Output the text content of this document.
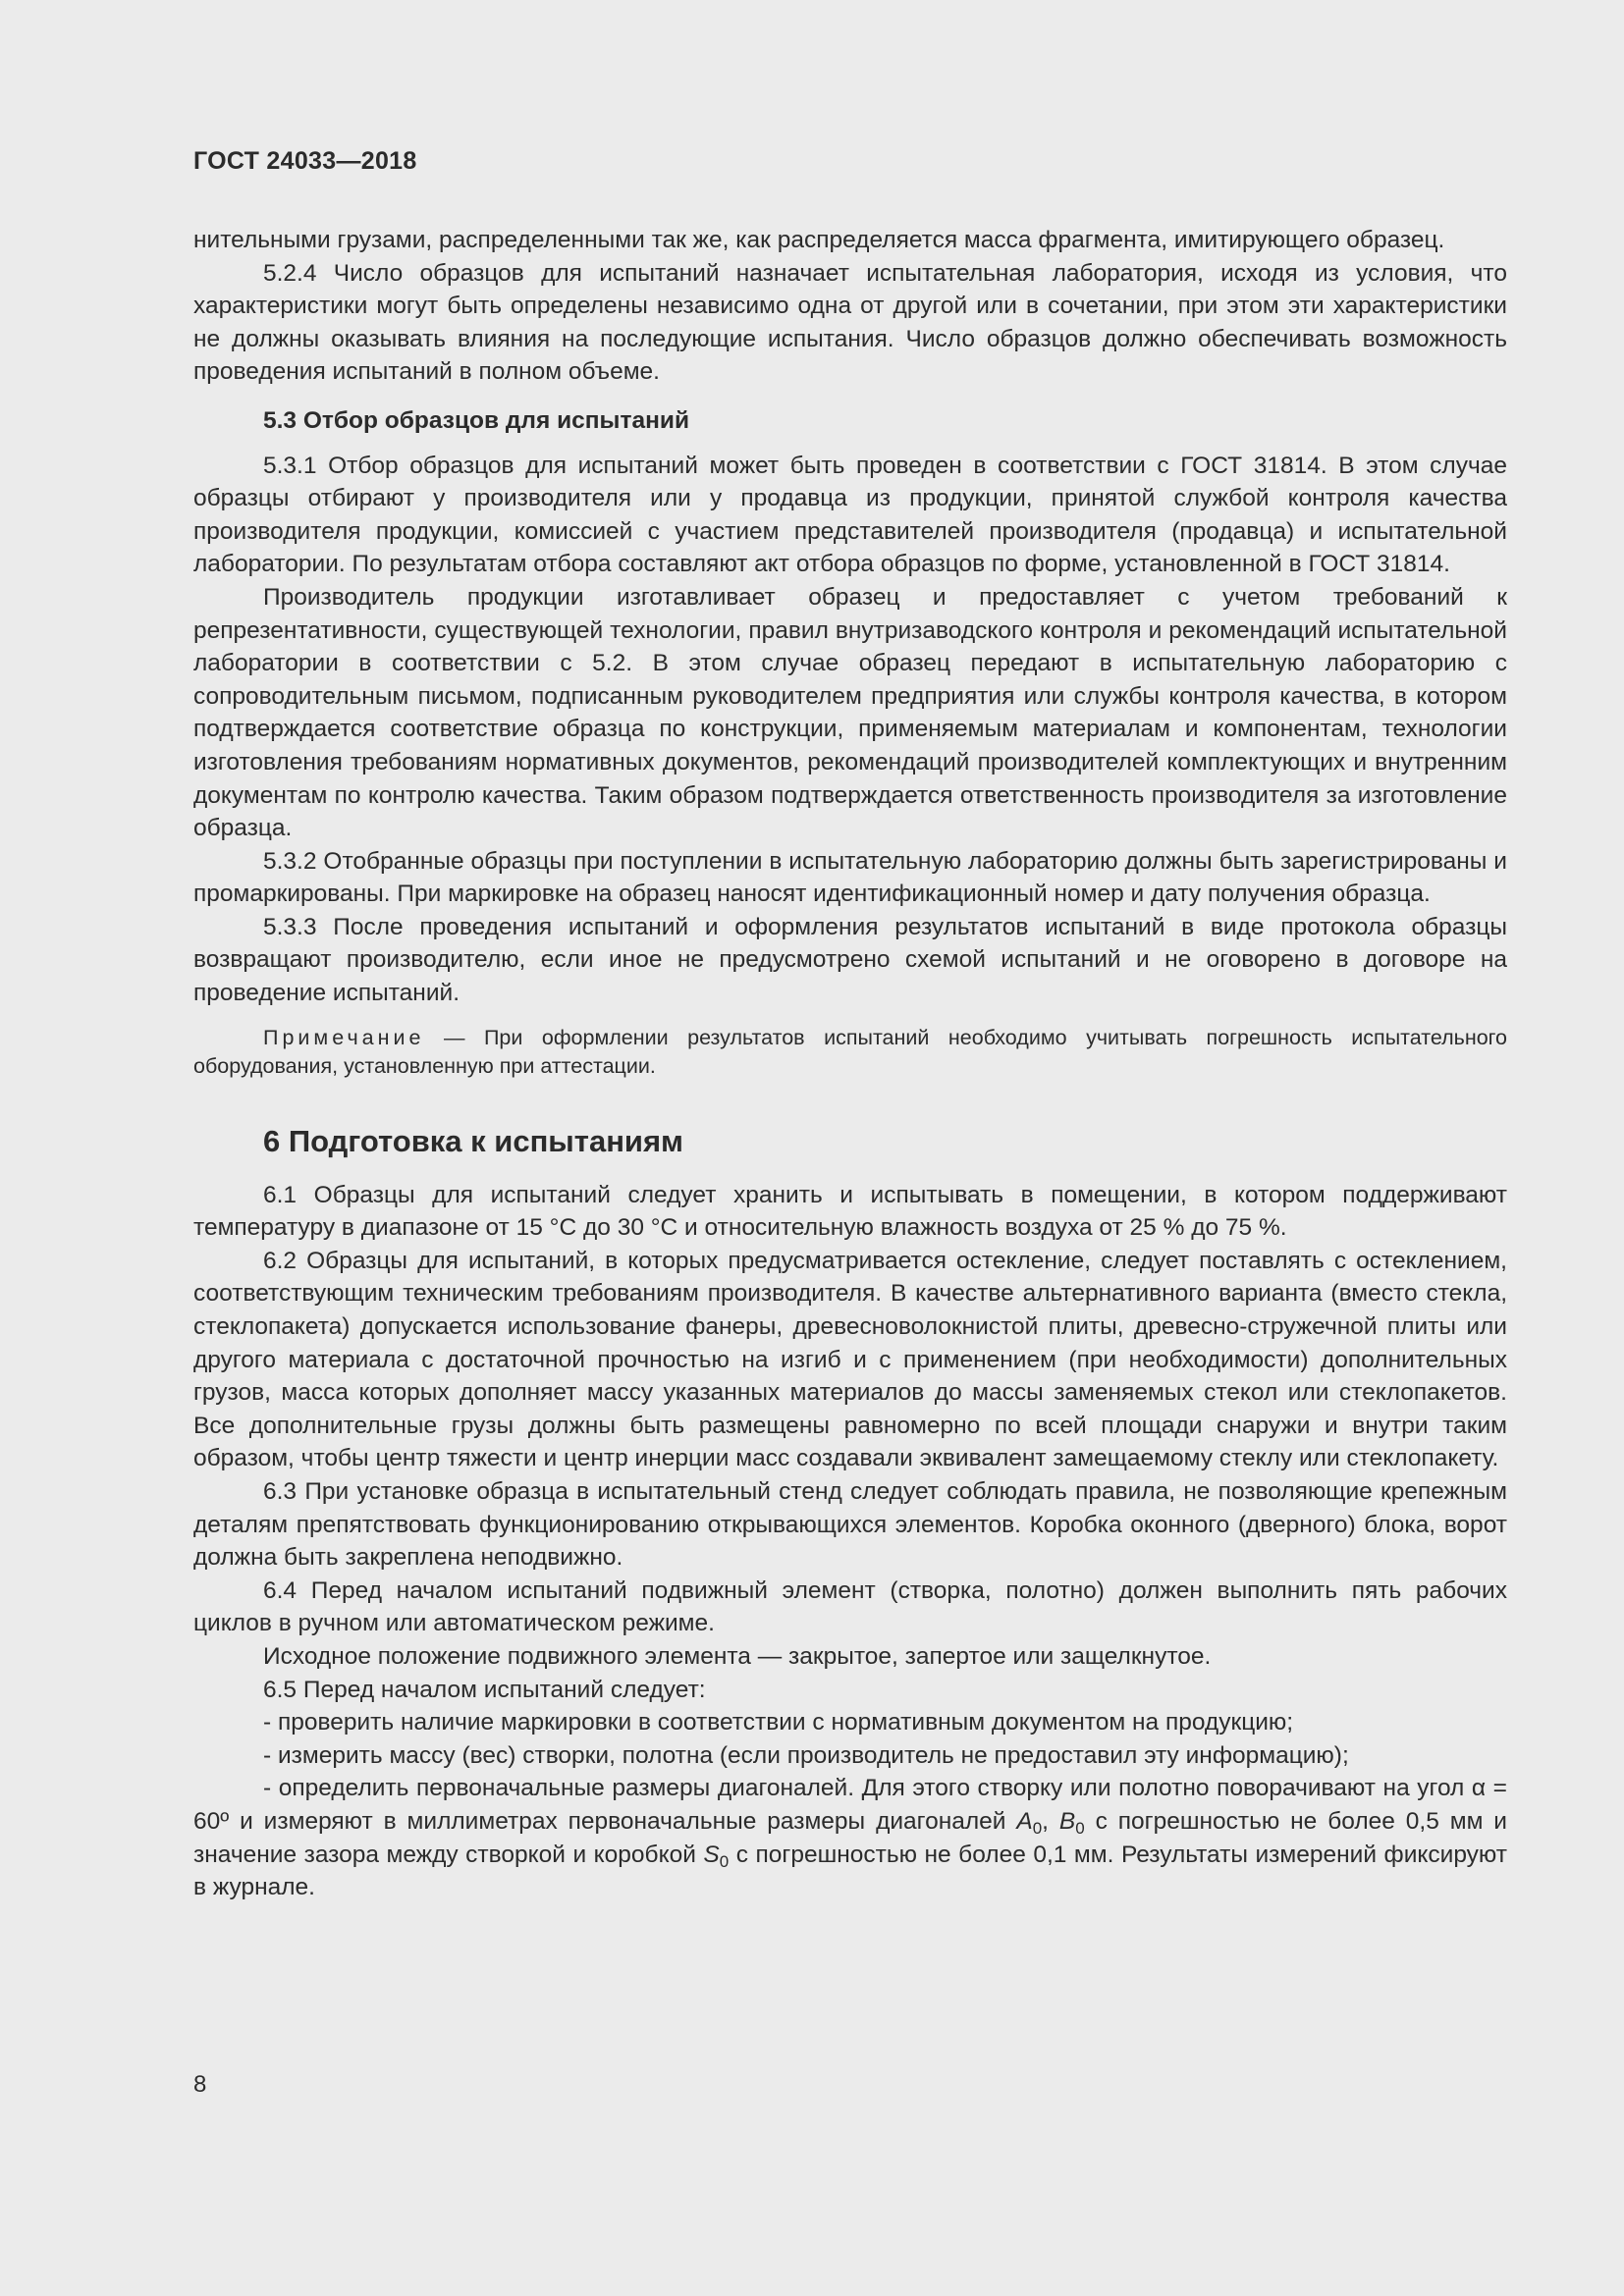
ГОСТ 24033—2018

нительными грузами, распределенными так же, как распределяется масса фрагмента, имитирующего образец.

5.2.4 Число образцов для испытаний назначает испытательная лаборатория, исходя из условия, что характеристики могут быть определены независимо одна от другой или в сочетании, при этом эти характеристики не должны оказывать влияния на последующие испытания. Число образцов должно обеспечивать возможность проведения испытаний в полном объеме.

5.3 Отбор образцов для испытаний

5.3.1 Отбор образцов для испытаний может быть проведен в соответствии с ГОСТ 31814. В этом случае образцы отбирают у производителя или у продавца из продукции, принятой службой контроля качества производителя продукции, комиссией с участием представителей производителя (продавца) и испытательной лаборатории. По результатам отбора составляют акт отбора образцов по форме, установленной в ГОСТ 31814.

Производитель продукции изготавливает образец и предоставляет с учетом требований к репрезентативности, существующей технологии, правил внутризаводского контроля и рекомендаций испытательной лаборатории в соответствии с 5.2. В этом случае образец передают в испытательную лабораторию с сопроводительным письмом, подписанным руководителем предприятия или службы контроля качества, в котором подтверждается соответствие образца по конструкции, применяемым материалам и компонентам, технологии изготовления требованиям нормативных документов, рекомендаций производителей комплектующих и внутренним документам по контролю качества. Таким образом подтверждается ответственность производителя за изготовление образца.

5.3.2 Отобранные образцы при поступлении в испытательную лабораторию должны быть зарегистрированы и промаркированы. При маркировке на образец наносят идентификационный номер и дату получения образца.

5.3.3 После проведения испытаний и оформления результатов испытаний в виде протокола образцы возвращают производителю, если иное не предусмотрено схемой испытаний и не оговорено в договоре на проведение испытаний.

Примечание — При оформлении результатов испытаний необходимо учитывать погрешность испытательного оборудования, установленную при аттестации.

6 Подготовка к испытаниям

6.1 Образцы для испытаний следует хранить и испытывать в помещении, в котором поддерживают температуру в диапазоне от 15 °С до 30 °С и относительную влажность воздуха от 25 % до 75 %.

6.2 Образцы для испытаний, в которых предусматривается остекление, следует поставлять с остеклением, соответствующим техническим требованиям производителя. В качестве альтернативного варианта (вместо стекла, стеклопакета) допускается использование фанеры, древесноволокнистой плиты, древесно-стружечной плиты или другого материала с достаточной прочностью на изгиб и с применением (при необходимости) дополнительных грузов, масса которых дополняет массу указанных материалов до массы заменяемых стекол или стеклопакетов. Все дополнительные грузы должны быть размещены равномерно по всей площади снаружи и внутри таким образом, чтобы центр тяжести и центр инерции масс создавали эквивалент замещаемому стеклу или стеклопакету.

6.3 При установке образца в испытательный стенд следует соблюдать правила, не позволяющие крепежным деталям препятствовать функционированию открывающихся элементов. Коробка оконного (дверного) блока, ворот должна быть закреплена неподвижно.

6.4 Перед началом испытаний подвижный элемент (створка, полотно) должен выполнить пять рабочих циклов в ручном или автоматическом режиме.

Исходное положение подвижного элемента — закрытое, запертое или защелкнутое.

6.5 Перед началом испытаний следует:

- проверить наличие маркировки в соответствии с нормативным документом на продукцию;

- измерить массу (вес) створки, полотна (если производитель не предоставил эту информацию);

- определить первоначальные размеры диагоналей. Для этого створку или полотно поворачивают на угол α = 60º и измеряют в миллиметрах первоначальные размеры диагоналей $A_0$, $B_0$ с погрешностью не более 0,5 мм и значение зазора между створкой и коробкой $S_0$ с погрешностью не более 0,1 мм. Результаты измерений фиксируют в журнале.

8
